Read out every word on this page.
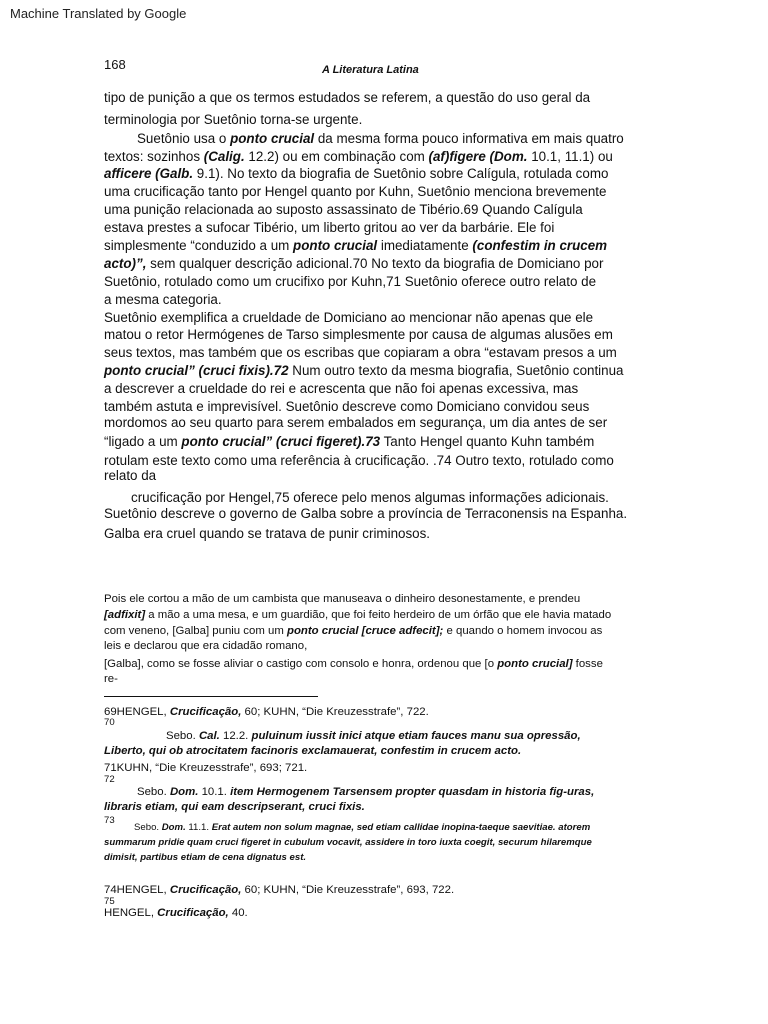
Machine Translated by Google
168	A Literatura Latina
tipo de punição a que os termos estudados se referem, a questão do uso geral da
terminologia por Suetônio torna-se urgente.
Suetônio usa o ponto crucial da mesma forma pouco informativa em mais quatro
textos: sozinhos (Calig. 12.2) ou em combinação com (af)figere (Dom. 10.1, 11.1) ou
afficere (Galb. 9.1). No texto da biografia de Suetônio sobre Calígula, rotulada como
uma crucificação tanto por Hengel quanto por Kuhn, Suetônio menciona brevemente
uma punição relacionada ao suposto assassinato de Tibério.69 Quando Calígula
estava prestes a sufocar Tibério, um liberto gritou ao ver da barbárie. Ele foi
simplesmente “conduzido a um ponto crucial imediatamente (confestim in crucem
acto)”, sem qualquer descrição adicional.70 No texto da biografia de Domiciano por
Suetônio, rotulado como um crucifixo por Kuhn,71 Suetônio oferece outro relato de
a mesma categoria.
Suetônio exemplifica a crueldade de Domiciano ao mencionar não apenas que ele
matou o retor Hermógenes de Tarso simplesmente por causa de algumas alusões em
seus textos, mas também que os escribas que copiaram a obra “estavam presos a um
ponto crucial” (cruci fixis).72 Num outro texto da mesma biografia, Suetônio continua
a descrever a crueldade do rei e acrescenta que não foi apenas excessiva, mas
também astuta e imprevisível. Suetônio descreve como Domiciano convidou seus
mordomos ao seu quarto para serem embalados em segurança, um dia antes de ser
“ligado a um ponto crucial” (cruci figeret).73 Tanto Hengel quanto Kuhn também
rotulam este texto como uma referência à crucificação. .74 Outro texto, rotulado como
relato da
crucificação por Hengel,75 oferece pelo menos algumas informações adicionais.
Suetônio descreve o governo de Galba sobre a província de Terraconensis na Espanha.
Galba era cruel quando se tratava de punir criminosos.
Pois ele cortou a mão de um cambista que manuseava o dinheiro desonestamente, e prendeu
[adfixit] a mão a uma mesa, e um guardião, que foi feito herdeiro de um órfão que ele havia matado
com veneno, [Galba] puniu com um ponto crucial [cruce adfecit]; e quando o homem invocou as
leis e declarou que era cidadão romano,
[Galba], como se fosse aliviar o castigo com consolo e honra, ordenou que [o ponto crucial] fosse
re-
69HENGEL, Crucificação, 60; KUHN, “Die Kreuzesstrafe”, 722.
70
Sebo. Cal. 12.2. puluinum iussit inici atque etiam fauces manu sua opressão,
Liberto, qui ob atrocitatem facinoris exclamauerat, confestim in crucem acto.
71KUHN, “Die Kreuzesstrafe”, 693; 721.
72
Sebo. Dom. 10.1. item Hermogenem Tarsensem propter quasdam in historia fig-uras,
libraris etiam, qui eam descripserant, cruci fixis.
73
Sebo. Dom. 11.1. Erat autem non solum magnae, sed etiam callidae inopina-taeque saevitiae. atorem
summarum pridie quam cruci figeret in cubulum vocavit, assidere in toro iuxta coegit, securum hilaremque
dimisit, partibus etiam de cena dignatus est.
74HENGEL, Crucificação, 60; KUHN, “Die Kreuzesstrafe”, 693, 722.
75
HENGEL, Crucificação, 40.
